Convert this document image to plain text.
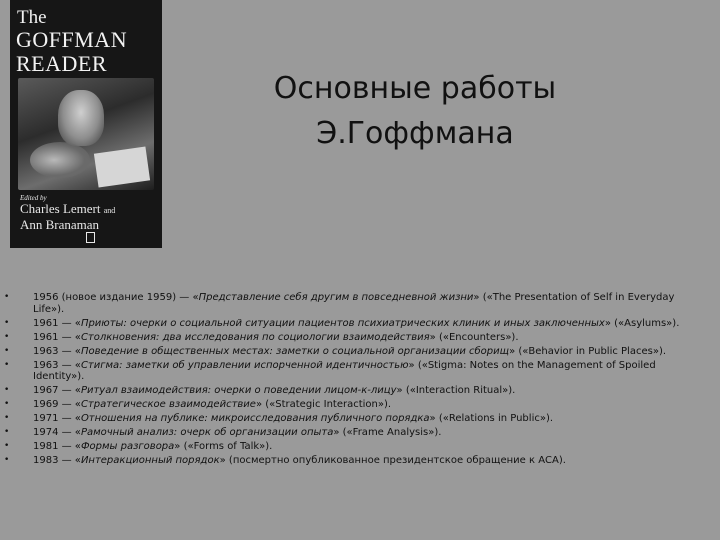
The
GOFFMAN
READER
Edited by
Charles Lemert and
Ann Branaman
Основные работы
Э.Гоффмана
• 1956 (новое издание 1959) — «Представление себя другим в повседневной жизни» («The Presentation of Self in Everyday Life»).
• 1961 — «Приюты: очерки о социальной ситуации пациентов психиатрических клиник и иных заключенных» («Asylums»).
• 1961 — «Столкновения: два исследования по социологии взаимодействия» («Encounters»).
• 1963 — «Поведение в общественных местах: заметки о социальной организации сборищ» («Behavior in Public Places»).
• 1963 — «Стигма: заметки об управлении испорченной идентичностью» («Stigma: Notes on the Management of Spoiled Identity»).
• 1967 — «Ритуал взаимодействия: очерки о поведении лицом-к-лицу» («Interaction Ritual»).
• 1969 — «Стратегическое взаимодействие» («Strategic Interaction»).
• 1971 — «Отношения на публике: микроисследования публичного порядка» («Relations in Public»).
• 1974 — «Рамочный анализ: очерк об организации опыта» («Frame Analysis»).
• 1981 — «Формы разговора» («Forms of Talk»).
• 1983 — «Интеракционный порядок» (посмертно опубликованное президентское обращение к АСА).
